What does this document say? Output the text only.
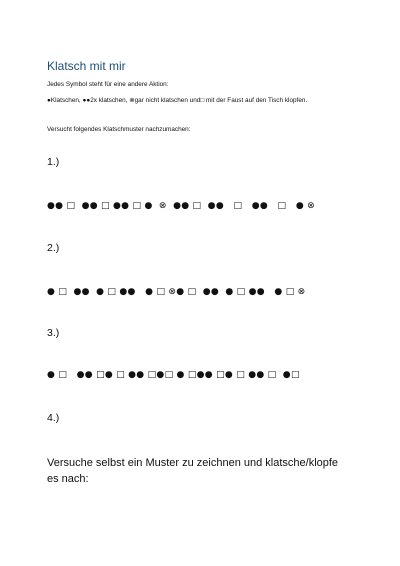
Klatsch mit mir
Jedes Symbol steht für eine andere Aktion:
●Klatschen, ●●2x klatschen, ⊗gar nicht klatschen und□ mit der Faust auf den Tisch klopfen.
Versucht folgendes Klatschmuster nachzumachen:
1.)
●● □  ●● □ ●● □ ●  ⊗  ●● □  ●●   □   ●●   □   ● ⊗
2.)
● □  ●●  ● □ ●●   ● □ ⊗● □  ●●  ● □ ●●   ● □ ⊗
3.)
● □   ●● □● □ ●● □●□ ● □●● □● □ ●● □  ●□
4.)
Versuche selbst ein Muster zu zeichnen und klatsche/klopfe es nach:
